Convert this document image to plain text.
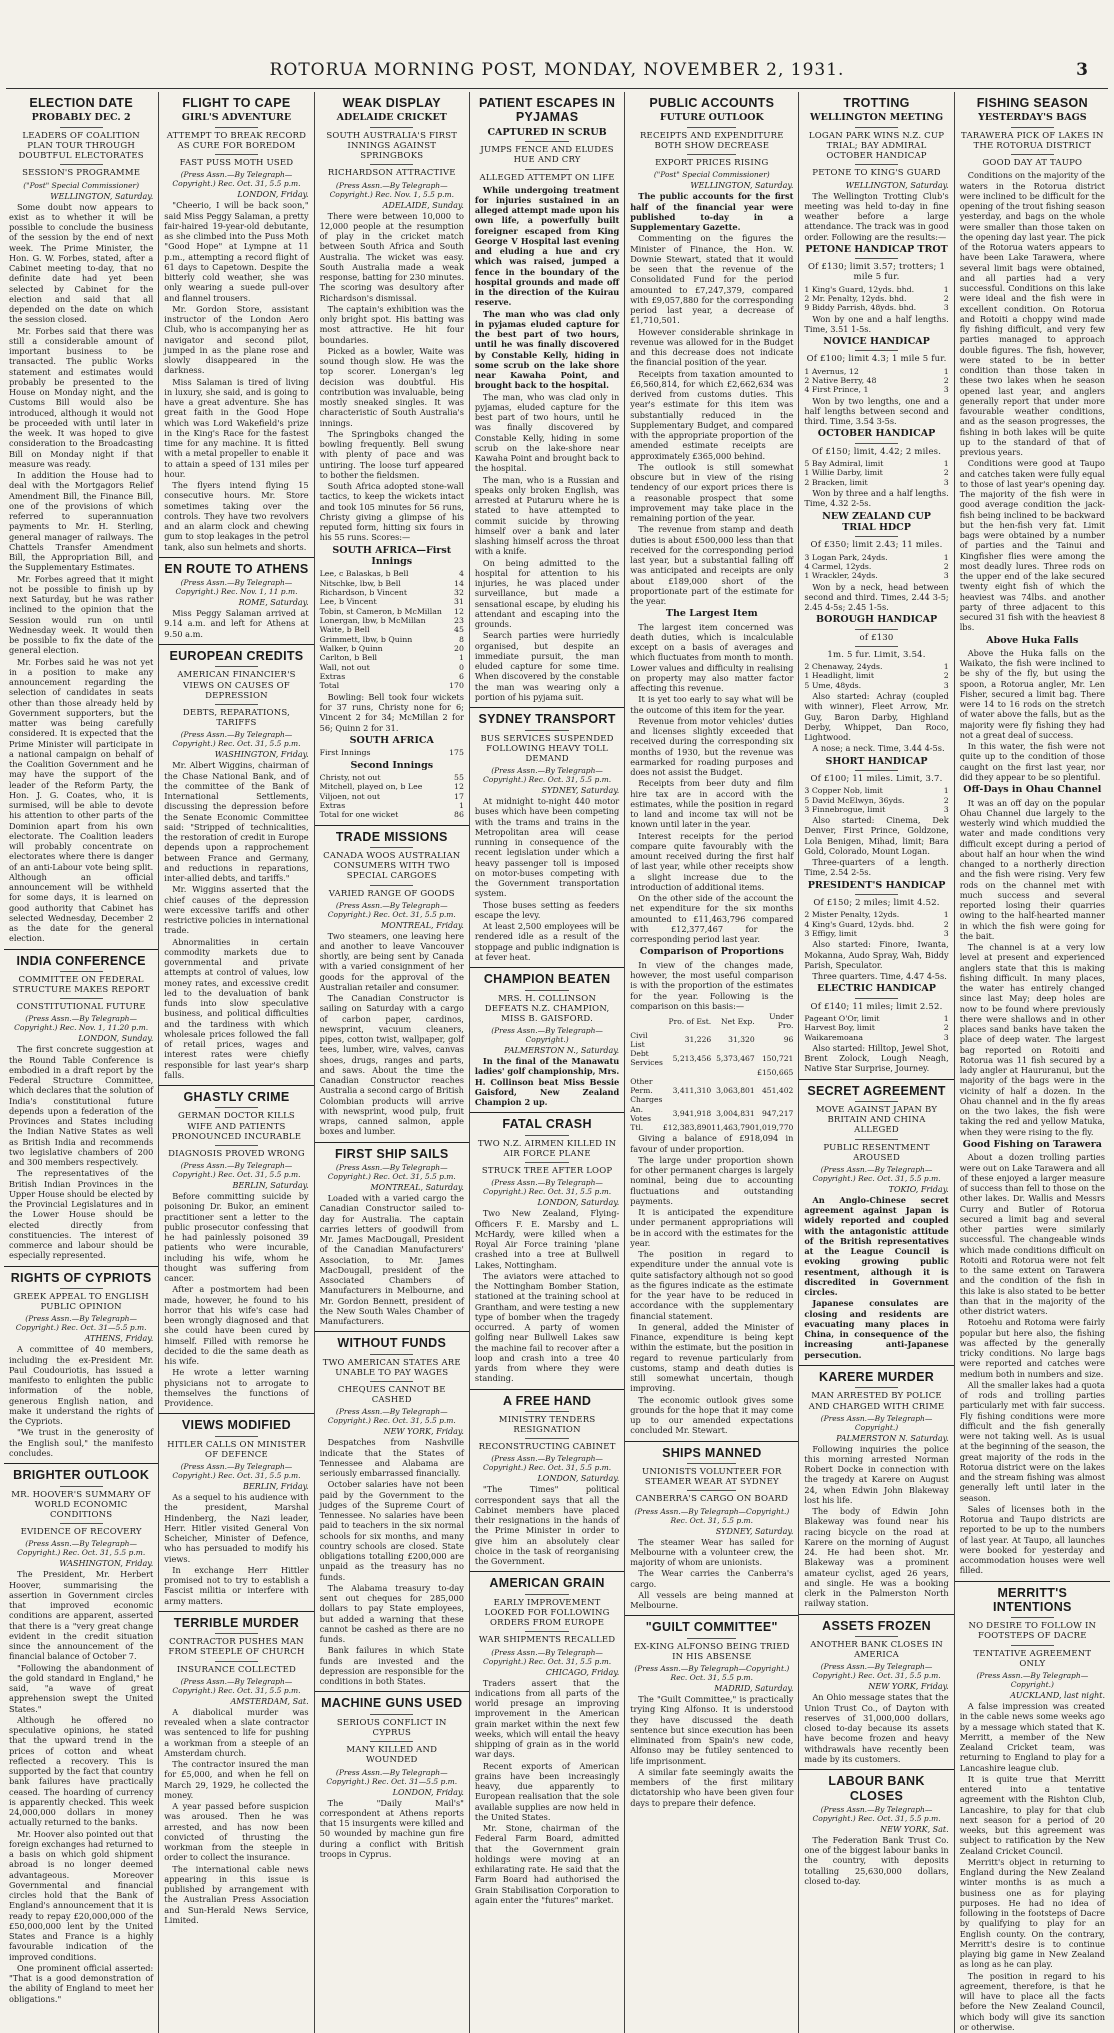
ROTORUA MORNING POST, MONDAY, NOVEMBER 2, 1931.	3
ELECTION DATE
PROBABLY DEC. 2
LEADERS OF COALITION PLAN TOUR THROUGH DOUBTFUL ELECTORATES
SESSION'S PROGRAMME
("Post" Special Commissioner)
WELLINGTON, Saturday.

Some doubt now appears to exist as to whether it will be possible to conclude the business of the session by the end of next week. The Prime Minister, the Hon. G. W. Forbes, stated, after a Cabinet meeting to-day, that no definite date had yet been selected by Cabinet for the election and said that all depended on the date on which the session closed.

Mr. Forbes said that there was still a considerable amount of important business to be transacted. The public Works statement and estimates would probably be presented to the House on Monday night, and the Customs Bill would also be introduced, although it would not be proceeded with until later in the week. It was hoped to give consideration to the Broadcasting Bill on Monday night if that measure was ready.

In addition the House had to deal with the Mortgagors Relief Amendment Bill, the Finance Bill, one of the provisions of which referred to superannuation payments to Mr. H. Sterling, general manager of railways. The Chattels Transfer Amendment Bill, the Appropriation Bill, and the Supplementary Estimates.

Mr. Forbes agreed that it might not be possible to finish up by next Saturday, but he was rather inclined to the opinion that the Session would run on until Wednesday week. It would then be possible to fix the date of the general election.

Mr. Forbes said he was not yet in a position to make any announcement regarding the selection of candidates in seats other than those already held by Government supporters, but the matter was being carefully considered. It is expected that the Prime Minister will participate in a national campaign on behalf of the Coalition Government and he may have the support of the leader of the Reform Party, the Hon. J. G. Coates, who, it is surmised, will be able to devote his attention to other parts of the Dominion apart from his own electorate. The Coalition leaders will probably concentrate on electorates where there is danger of an anti-Labour vote being split. Although an official announcement will be withheld for some days, it is learned on good authority that Cabinet has selected Wednesday, December 2 as the date for the general election.

INDIA CONFERENCE
COMMITTEE ON FEDERAL STRUCTURE MAKES REPORT
CONSTITUTIONAL FUTURE
(Press Assn.—By Telegraph—Copyright.) Rec. Nov. 1, 11.20 p.m.
LONDON, Sunday.

The first concrete suggestion at the Round Table Conference is embodied in a draft report by the Federal Structure Committee, which declares that the solution of India's constitutional future depends upon a federation of the Provinces and States including the Indian Native States as well as British India and recommends two legislative chambers of 200 and 300 members respectively.

The representatives of the British Indian Provinces in the Upper House should be elected by the Provincial Legislatures and in the Lower House should be elected directly from constituencies. The interest of commerce and labour should be especially represented.

RIGHTS OF CYPRIOTS
GREEK APPEAL TO ENGLISH PUBLIC OPINION
(Press Assn.—By Telegraph—Copyright.) Rec. Oct. 31—5.5 p.m.
ATHENS, Friday.

A committee of 40 members, including the ex-President Mr. Paul Coudouriotis, has issued a manifesto to enlighten the public information of the noble, generous English nation, and make it understand the rights of the Cypriots.

"We trust in the generosity of the English soul," the manifesto concludes.

BRIGHTER OUTLOOK
MR. HOOVER'S SUMMARY OF WORLD ECONOMIC CONDITIONS
EVIDENCE OF RECOVERY
(Press Assn.—By Telegraph—Copyright.) Rec. Oct. 31, 5.5 p.m.
WASHINGTON, Friday.

The President, Mr. Herbert Hoover, summarising the assertion in Government circles that improved economic conditions are apparent, asserted that there is a "very great change evident in the credit situation since the announcement of the financial balance of October 7.

"Following the abandonment of the gold standard in England," he said, "a wave of great apprehension swept the United States."

Although he offered no speculative opinions, he stated that the upward trend in the prices of cotton and wheat reflected a recovery. This is supported by the fact that country bank failures have practically ceased. The hoarding of currency is apparently checked. This week 24,000,000 dollars in money actually returned to the banks.

Mr. Hoover also pointed out that foreign exchanges had returned to a basis on which gold shipment abroad is no longer deemed advantageous. Moreover Governmental and financial circles hold that the Bank of England's announcement that it is ready to repay £20,000,000 of the £50,000,000 lent by the United States and France is a highly favourable indication of the improved conditions.

One prominent official asserted: "That is a good demonstration of the ability of England to meet her obligations."

FLIGHT TO CAPE
GIRL'S ADVENTURE
ATTEMPT TO BREAK RECORD AS CURE FOR BOREDOM
FAST PUSS MOTH USED
(Press Assn.—By Telegraph—Copyright.) Rec. Oct. 31, 5.5 p.m.
LONDON, Friday.

"Cheerio, I will be back soon," said Miss Peggy Salaman, a pretty fair-haired 19-year-old debutante, as she climbed into the Puss Moth "Good Hope" at Lympne at 11 p.m., attempting a record flight of 61 days to Capetown. Despite the bitterly cold weather, she was only wearing a suede pull-over and flannel trousers.

Mr. Gordon Store, assistant instructor of the London Aero Club, who is accompanying her as navigator and second pilot, jumped in as the plane rose and slowly disappeared in the darkness.

Miss Salaman is tired of living in luxury, she said, and is going to have a great adventure. She has great faith in the Good Hope which was Lord Wakefield's prize in the King's Race for the fastest time for any machine. It is fitted with a metal propeller to enable it to attain a speed of 131 miles per hour.

The flyers intend flying 15 consecutive hours. Mr. Store sometimes taking over the controls. They have two revolvers and an alarm clock and chewing gum to stop leakages in the petrol tank, also sun helmets and shorts.

EN ROUTE TO ATHENS
(Press Assn.—By Telegraph—Copyright.) Rec. Nov. 1, 11 p.m.
ROME, Saturday.

Miss Peggy Salaman arrived at 9.14 a.m. and left for Athens at 9.50 a.m.

EUROPEAN CREDITS
AMERICAN FINANCIER'S VIEWS ON CAUSES OF DEPRESSION
DEBTS, REPARATIONS, TARIFFS
(Press Assn.—By Telegraph—Copyright.) Rec. Oct. 31, 5.5 p.m.
WASHINGTON, Friday.

Mr. Albert Wiggins, chairman of the Chase National Bank, and of the committee of the Bank of International Settlements, discussing the depression before the Senate Economic Committee said: "Stripped of technicalities, the restoration of credit in Europe depends upon a rapprochement between France and Germany, and reductions in reparations, inter-allied debts, and tariffs."

Mr. Wiggins asserted that the chief causes of the depression were excessive tariffs and other restrictive policies in international trade.

Abnormalities in certain commodity markets due to governmental and private attempts at control of values, low money rates, and excessive credit led to the devaluation of bank funds into slow speculative business, and political difficulties and the tardiness with which wholesale prices followed the fall of retail prices, wages and interest rates were chiefly responsible for last year's sharp falls.

GHASTLY CRIME
GERMAN DOCTOR KILLS WIFE AND PATIENTS PRONOUNCED INCURABLE
DIAGNOSIS PROVED WRONG
(Press Assn.—By Telegraph—Copyright.) Rec. Oct. 31, 5.5 p.m.
BERLIN, Saturday.

Before committing suicide by poisoning Dr. Bukor, an eminent practitioner sent a letter to the public prosecutor confessing that he had painlessly poisoned 39 patients who were incurable, including his wife, whom he thought was suffering from cancer.

After a postmortem had been made, however, he found to his horror that his wife's case had been wrongly diagnosed and that she could have been cured by himself. Filled with remorse he decided to die the same death as his wife.

He wrote a letter warning physicians not to arrogate to themselves the functions of Providence.

VIEWS MODIFIED
HITLER CALLS ON MINISTER OF DEFENCE
(Press Assn.—By Telegraph—Copyright.) Rec. Oct. 31, 5.5 p.m.
BERLIN, Friday.

As a sequel to his audience with the president, Marshal Hindenberg, the Nazi leader, Herr. Hitler visited General Von Scheicher, Minister of Defence, who has persuaded to modify his views.

In exchange Herr Hittler promised not to try to establish a Fascist militia or interfere with army matters.

TERRIBLE MURDER
CONTRACTOR PUSHES MAN FROM STEEPLE OF CHURCH
INSURANCE COLLECTED
(Press Assn.—By Telegraph—Copyright.) Rec. Oct. 31, 5.5 p.m.
AMSTERDAM, Sat.

A diabolical murder was revealed when a slate contractor was sentenced to life for pushing a workman from a steeple of an Amsterdam church.

The contractor insured the man for £5,000, and when he fell on March 29, 1929, he collected the money.

A year passed before suspicion was aroused. Then he was arrested, and has now been convicted of thrusting the workman from the steeple in order to collect the insurance.

The international cable news appearing in this issue is published by arrangement with the Australian Press Association and Sun-Herald News Service, Limited.

WEAK DISPLAY
ADELAIDE CRICKET
SOUTH AUSTRALIA'S FIRST INNINGS AGAINST SPRINGBOKS
RICHARDSON ATTRACTIVE
(Press Assn.—By Telegraph—Copyright.) Rec. Nov. 1, 5.5 p.m.
ADELAIDE, Sunday.

There were between 10,000 to 12,000 people at the resumption of play in the cricket match between South Africa and South Australia. The wicket was easy. South Australia made a weak response, batting for 230 minutes. The scoring was desultory after Richardson's dismissal.

The captain's exhibition was the only bright spot. His batting was most attractive. He hit four boundaries.

Picked as a bowler, Waite was sound though slow. He was the top scorer. Lonergan's leg decision was doubtful. His contribution was invaluable, being mostly sneaked singles. It was characteristic of South Australia's innings.

The Springboks changed the bowling frequently. Bell swung with plenty of pace and was untiring. The loose turf appeared to bother the fieldsmen.

South Africa adopted stone-wall tactics, to keep the wickets intact and took 105 minutes for 56 runs, Christy giving a glimpse of his reputed form, hitting six fours in his 55 runs. Scores:—

SOUTH AFRICA—First Innings
Lee, c Balaskas, b Bell	4
Nitschke, lbw, b Bell	14
Richardson, b Vincent	32
Lee, b Vincent	31
Tobin, st Cameron, b McMillan 12
Lonergan, lbw, b McMillan	23
Waite, b Bell	45
Grimmett, lbw, b Quinn	8
Walker, b Quinn	20
Carlton, b Bell	1
Wall, not out	0
Extras	6
Total	170

Bowling: Bell took four wickets for 37 runs, Christy none for 6; Vincent 2 for 34; McMillan 2 for 56; Quinn 2 for 31.

SOUTH AFRICA
First Innings	175
Second Innings
Christy, not out	55
Mitchell, played on, b Lee	12
Viljoen, not out	17
Extras	1
Total for one wicket	86
TRADE MISSIONS
CANADA WOOS AUSTRALIAN CONSUMERS WITH TWO SPECIAL CARGOES
VARIED RANGE OF GOODS
(Press Assn.—By Telegraph—Copyright.) Rec. Oct. 31, 5.5 p.m.
MONTREAL, Friday.

Two steamers, one leaving here and another to leave Vancouver shortly, are being sent by Canada with a varied consignment of her goods for the approval of the Australian retailer and consumer.

The Canadian Constructor is sailing on Saturday with a cargo of carbon paper, cardinos, newsprint, vacuum cleaners, pipes, cotton twist, wallpaper, golf tees, lumber, wire, valves, canvas shoes, drugs, ranges and parts, and saws. About the time the Canadian Constructor reaches Australia a second cargo of British Colombian products will arrive with newsprint, wood pulp, fruit wraps, canned salmon, apple boxes and lumber.

FIRST SHIP SAILS
(Press Assn.—By Telegraph—Copyright.) Rec. Oct. 31, 5.5 p.m.
MONTREAL, Saturday.

Loaded with a varied cargo the Canadian Constructor sailed to-day for Australia. The captain carries letters of goodwill from Mr. James MacDougall, President of the Canadian Manufacturers' Association, to Mr. James MacDougall, president of the Associated Chambers of Manufacturers in Melbourne, and Mr. Gordon Bennett, president of the New South Wales Chamber of Manufacturers.

WITHOUT FUNDS
TWO AMERICAN STATES ARE UNABLE TO PAY WAGES
CHEQUES CANNOT BE CASHED
(Press Assn.—By Telegraph—Copyright.) Rec. Oct. 31, 5.5 p.m.
NEW YORK, Friday.

Despatches from Nashville indicate that the States of Tennessee and Alabama are seriously embarrassed financially.

October salaries have not been paid by the Government to the judges of the Supreme Court of Tennessee. No salaries have been paid to teachers in the six normal schools for six months, and many country schools are closed. State obligations totalling £200,000 are unpaid as the treasury has no funds.

The Alabama treasury to-day sent out cheques for 285,000 dollars to pay State employees, but added a warning that these cannot be cashed as there are no funds.

Bank failures in which State funds are invested and the depression are responsible for the conditions in both States.

MACHINE GUNS USED
SERIOUS CONFLICT IN CYPRUS
MANY KILLED AND WOUNDED
(Press Assn.—By Telegraph—Copyright.) Rec. Oct. 31—5.5 p.m.
LONDON, Friday.

The "Daily Mail's" correspondent at Athens reports that 15 insurgents were killed and 50 wounded by machine gun fire during a conflict with British troops in Cyprus.

PATIENT ESCAPES IN PYJAMAS
CAPTURED IN SCRUB
JUMPS FENCE AND ELUDES HUE AND CRY
ALLEGED ATTEMPT ON LIFE

While undergoing treatment for injuries sustained in an alleged attempt made upon his own life, a powerfully built foreigner escaped from King George V Hospital last evening and eluding a hue and cry which was raised, jumped a fence in the boundary of the hospital grounds and made off in the direction of the Kuirau reserve.

The man who was clad only in pyjamas eluded capture for the best part of two hours, until he was finally discovered by Constable Kelly, hiding in some scrub on the lake shore near Kawaha Point, and brought back to the hospital.

The man, who was clad only in pyjamas, eluded capture for the best part of two hours, until he was finally discovered by Constable Kelly, hiding in some scrub on the lake-shore near Kawaha Point and brought back to the hospital.

The man, who is a Russian and speaks only broken English, was arrested at Putaruru where he is stated to have attempted to commit suicide by throwing himself over a bank and later slashing himself across the throat with a knife.

On being admitted to the hospital for attention to his injuries, he was placed under surveillance, but made a sensational escape, by eluding his attendant and escaping into the grounds.

Search parties were hurriedly organised, but despite an immediate pursuit, the man eluded capture for some time. When discovered by the constable the man was wearing only a portion of his pyjama suit.

SYDNEY TRANSPORT
BUS SERVICES SUSPENDED FOLLOWING HEAVY TOLL DEMAND
(Press Assn.—By Telegraph—Copyright.) Rec. Oct. 31, 5.5 p.m.
SYDNEY, Saturday.

At midnight to-night 440 motor buses which have been competing with the trams and trains in the Metropolitan area will cease running in consequence of the recent legislation under which a heavy passenger toll is imposed on motor-buses competing with the Government transportation system.

Those buses setting as feeders escape the levy.

At least 2,500 employees will be rendered idle as a result of the stoppage and public indignation is at fever heat.

CHAMPION BEATEN
MRS. H. COLLINSON DEFEATS N.Z. CHAMPION, MISS B. GAISFORD.
(Press Assn.—By Telegraph—Copyright.)
PALMERSTON N., Saturday.

In the final of the Manawatu ladies' golf championship, Mrs. H. Collinson beat Miss Bessie Gaisford, New Zealand Champion 2 up.

FATAL CRASH
TWO N.Z. AIRMEN KILLED IN AIR FORCE PLANE
STRUCK TREE AFTER LOOP
(Press Assn.—By Telegraph—Copyright.) Rec. Oct. 31, 5.5 p.m.
LONDON, Saturday.

Two New Zealand, Flying-Officers F. E. Marsby and L. McHardy, were killed when a Royal Air Force training 'plane crashed into a tree at Bullwell Lakes, Nottingham.

The aviators were attached to the Nottingham Bomber Station, stationed at the training school at Grantham, and were testing a new type of bomber when the tragedy occurred. A party of women golfing near Bullwell Lakes saw the machine fail to recover after a loop and crash into a tree 40 yards from where they were standing.

A FREE HAND
MINISTRY TENDERS RESIGNATION
RECONSTRUCTING CABINET
(Press Assn.—By Telegraph—Copyright.) Rec. Oct. 31, 5.5 p.m.
LONDON, Saturday.

"The Times" political correspondent says that all the Cabinet members have placed their resignations in the hands of the Prime Minister in order to give him an absolutely clear choice in the task of reorganising the Government.

AMERICAN GRAIN
EARLY IMPROVEMENT LOOKED FOR FOLLOWING ORDERS FROM EUROPE
WAR SHIPMENTS RECALLED
(Press Assn.—By Telegraph—Copyright.) Rec. Oct. 31, 5.5 p.m.
CHICAGO, Friday.

Traders assert that the indications from all parts of the world presage an improving improvement in the American grain market within the next few weeks, which will entail the heavy shipping of grain as in the world war days.

Recent exports of American grains have been increasingly heavy, due apparently to European realisation that the sole available supplies are now held in the United States.

Mr. Stone, chairman of the Federal Farm Board, admitted that the Government grain holdings were moving at an exhilarating rate. He said that the Farm Board had authorised the Grain Stabilisation Corporation to again enter the "futures" market.

PUBLIC ACCOUNTS
FUTURE OUTLOOK
RECEIPTS AND EXPENDITURE BOTH SHOW DECREASE
EXPORT PRICES RISING
("Post" Special Commissioner)
WELLINGTON, Saturday.

The public accounts for the first half of the financial year were published to-day in a Supplementary Gazette.

Commenting on the figures the Minister of Finance, the Hon. W. Downie Stewart, stated that it would be seen that the revenue of the Consolidated Fund for the period amounted to £7,247,379, compared with £9,057,880 for the corresponding period last year, a decrease of £1,710,501.

However considerable shrinkage in revenue was allowed for in the Budget and this decrease does not indicate the financial position of the year.

Receipts from taxation amounted to £6,560,814, for which £2,662,634 was derived from customs duties. This year's estimate for this item was substantially reduced in the Supplementary Budget, and compared with the appropriate proportion of the amended estimate receipts are approximately £365,000 behind.

The outlook is still somewhat obscure but in view of the rising tendency of our export prices there is a reasonable prospect that some improvement may take place in the remaining portion of the year.

The revenue from stamp and death duties is about £500,000 less than that received for the corresponding period last year, but a substantial falling off was anticipated and receipts are only about £189,000 short of the proportionate part of the estimate for the year.

The Largest Item

The largest item concerned was death duties, which is incalculable except on a basis of averages and which fluctuates from month to month. Lower values and difficulty in realising on property may also matter factor affecting this revenue.

It is yet too early to say what will be the outcome of this item for the year.

Revenue from motor vehicles' duties and licenses slightly exceeded that received during the corresponding six months of 1930, but the revenue was earmarked for roading purposes and does not assist the Budget.

Receipts from beer duty and film hire tax are in accord with the estimates, while the position in regard to land and income tax will not be known until later in the year.

Interest receipts for the period compare quite favourably with the amount received during the first half of last year, while other receipts show a slight increase due to the introduction of additional items.

On the other side of the account the net expenditure for the six months amounted to £11,463,796 compared with £12,377,467 for the corresponding period last year.

Comparison of Proportions

In view of the changes made, however, the most useful comparison is with the proportion of the estimates for the year. Following is the comparison on this basis:—

	Pro. of Est.	Net Exp.	Under Pro.
Civil List	31,226	31,320	96
Debt Services	5,213,456	5,373,467	150,721
			£150,665
Other Perm. Charges	3,411,310	3,063,801	451,402
An. Votes	3,941,918	3,004,831	947,217
Ttl.	£12,383,890	11,463,790	1,019,770

Giving a balance of £918,094 in favour of under proportion.

The large under proportion shown for other permanent charges is largely nominal, being due to accounting fluctuations and outstanding payments.

It is anticipated the expenditure under permanent appropriations will be in accord with the estimates for the year.

The position in regard to expenditure under the annual vote is quite satisfactory although not so good as the figures indicate as the estimate for the year have to be reduced in accordance with the supplementary financial statement.

In general, added the Minister of Finance, expenditure is being kept within the estimate, but the position in regard to revenue particularly from customs, stamp and death duties is still somewhat uncertain, though improving.

The economic outlook gives some grounds for the hope that it may come up to our amended expectations concluded Mr. Stewart.

SHIPS MANNED
UNIONISTS VOLUNTEER FOR STEAMER WEAR AT SYDNEY
CANBERRA'S CARGO ON BOARD
(Press Assn.—By Telegraph—Copyright.) Rec. Oct. 31, 5.5 p.m.
SYDNEY, Saturday.

The steamer Wear has sailed for Melbourne with a volunteer crew, the majority of whom are unionists.

The Wear carries the Canberra's cargo.

All vessels are being manned at Melbourne.

"GUILT COMMITTEE"
EX-KING ALFONSO BEING TRIED IN HIS ABSENSE
(Press Assn.—By Telegraph—Copyright.) Rec. Oct. 31, 5.5 p.m.
MADRID, Saturday.

The "Guilt Committee," is practically trying King Alfonso. It is understood they have discussed the death sentence but since execution has been eliminated from Spain's new code, Alfonso may be futiley sentenced to life imprisonment.

A similar fate seemingly awaits the members of the first military dictatorship who have been given four days to prepare their defence.

TROTTING
WELLINGTON MEETING
LOGAN PARK WINS N.Z. CUP TRIAL; BAY ADMIRAL OCTOBER HANDICAP
PETONE TO KING'S GUARD
WELLINGTON, Saturday.

The Wellington Trotting Club's meeting was held to-day in fine weather before a large attendance. The track was in good order. Following are the results:—

PETONE HANDICAP TROT
Of £130; limit 3.57; trotters; 1 mile 5 fur.
1 King's Guard, 12yds. bhd.	1
2 Mr. Penalty, 12yds. bhd.	2
9 Biddy Parrish, 48yds. bhd.	3

Won by one and a half lengths. Time, 3.51 1-5s.

NOVICE HANDICAP
Of £100; limit 4.3; 1 mile 5 fur.
1 Avernus, 12	1
2 Native Berry, 48	2
4 First Prince, 1	3

Won by two lengths, one and a half lengths between second and third. Time, 3.54 3-5s.

OCTOBER HANDICAP
Of £150; limit, 4.42; 2 miles.
5 Bay Admiral, limit	1
1 Willie Darby, limit	2
2 Bracken, limit	3

Won by three and a half lengths. Time, 4.32 2-5s.

NEW ZEALAND CUP TRIAL HDCP
Of £350; limit 2.43; 11 miles.
3 Logan Park, 24yds.	1
4 Carmel, 12yds.	2
1 Wrackler, 24yds.	3

Won by a neck, head between second and third. Times, 2.44 3-5; 2.45 4-5s; 2.45 1-5s.

BOROUGH HANDICAP
of £130
1m. 5 fur. Limit, 3.54.
2 Chenaway, 24yds.	1
1 Headlight, limit	2
5 Ume, 48yds.	3

Also started: Achray (coupled with winner), Fleet Arrow, Mr. Guy, Baron Darby, Highland Derby, Whippet, Dan Roco, Lightwood.

A nose; a neck. Time, 3.44 4-5s.

SHORT HANDICAP
Of £100; 11 miles. Limit, 3.7.
3 Copper Nob, limit	1
5 David McElwyn, 36yds.	2
3 Finnebrogue, limit	3

Also started: Cinema, Dek Denver, First Prince, Goldzone, Lola Benigen, Mihad, limit; Bara Gold, Colorado, Mount Logan.

Three-quarters of a length. Time, 2.54 2-5s.

PRESIDENT'S HANDICAP
Of £150; 2 miles; limit 4.52.
2 Mister Penalty, 12yds.	1
4 King's Guard, 12yds. bhd.	2
3 Effigy, limit	3

Also started: Finore, Iwanta, Mokanna, Audo Spray, Wah, Biddy Parish, Speculator.

Three quarters. Time, 4.47 4-5s.

ELECTRIC HANDICAP
Of £140; 11 miles; limit 2.52.
Pageant O'Or, limit	1
Harvest Boy, limit	2
Waikaremoana	3

Also started: Hilltop, Jewel Shot, Brent Zolock, Lough Neagh, Native Star Surprise, Journey.

SECRET AGREEMENT
MOVE AGAINST JAPAN BY BRITAIN AND CHINA ALLEGED
PUBLIC RESENTMENT AROUSED
(Press Assn.—By Telegraph—Copyright.) Rec. Oct. 31, 5.5 p.m.
TOKIO, Friday.

An Anglo-Chinese secret agreement against Japan is widely reported and coupled with the antagonistic attitude of the British representatives at the League Council is evoking growing public resentment, although it is discredited in Government circles.

Japanese consulates are closing and residents are evacuating many places in China, in consequence of the increasing anti-Japanese persecution.

KARERE MURDER
MAN ARRESTED BY POLICE AND CHARGED WITH CRIME
(Press Assn.—By Telegraph—Copyright.)
PALMERSTON N. Saturday.

Following inquiries the police this morning arrested Norman Robert Docke in connection with the tragedy at Karere on August 24, when Edwin John Blakeway lost his life.

The body of Edwin John Blakeway was found near his racing bicycle on the road at Karere on the morning of August 24. He had been shot. Mr. Blakeway was a prominent amateur cyclist, aged 26 years, and single. He was a booking clerk in the Palmerston North railway station.

ASSETS FROZEN
ANOTHER BANK CLOSES IN AMERICA
(Press Assn.—By Telegraph—Copyright.) Rec. Oct. 31, 5.5 p.m.
NEW YORK, Friday.

An Ohio message states that the Union Trust Co., of Dayton with reserves of 31,000,000 dollars, closed to-day because its assets have become frozen and heavy withdrawals have recently been made by its customers.

LABOUR BANK CLOSES
(Press Assn.—By Telegraph—Copyright.) Rec. Oct. 31, 5.5 p.m.
NEW YORK, Sat.

The Federation Bank Trust Co. one of the biggest labour banks in the country, with deposits totalling 25,630,000 dollars, closed to-day.

FISHING SEASON
YESTERDAY'S BAGS
TARAWERA PICK OF LAKES IN THE ROTORUA DISTRICT
GOOD DAY AT TAUPO

Conditions on the majority of the waters in the Rotorua district were inclined to be difficult for the opening of the trout fishing season yesterday, and bags on the whole were smaller than those taken on the opening day last year. The pick of the Rotorua waters appears to have been Lake Tarawera, where several limit bags were obtained, and all parties had a very successful. Conditions on this lake were ideal and the fish were in excellent condition. On Rotorua and Rotoiti a choppy wind made fly fishing difficult, and very few parties managed to approach double figures. The fish, however, were stated to be in better condition than those taken in these two lakes when he season opened last year, and anglers generally report that under more favourable weather conditions, and as the season progresses, the fishing in both lakes will be quite up to the standard of that of previous years.

Conditions were good at Taupo and catches taken were fully equal to those of last year's opening day. The majority of the fish were in good average condition the jack-fish being inclined to be backward but the hen-fish very fat. Limit bags were obtained by a number of parties and the Tainui and Kingfisher flies were among the most deadly lures. Three rods on the upper end of the lake secured twenty eight fish of which the heaviest was 74lbs. and another party of three adjacent to this secured 31 fish with the heaviest 8 lbs.

Above Huka Falls

Above the Huka falls on the Waikato, the fish were inclined to be shy of the fly, but using the spoon, a Rotorua angler, Mr. Len Fisher, secured a limit bag. There were 14 to 16 rods on the stretch of water above the falls, but as the majority were fly fishing they had not a great deal of success.

In this water, the fish were not quite up to the condition of those caught on the first last year, nor did they appear to be so plentiful.

Off-Days in Ohau Channel

It was an off day on the popular Ohau Channel due largely to the westerly wind which muddied the water and made conditions very difficult except during a period of about half an hour when the wind changed to a northerly direction and the fish were rising. Very few rods on the channel met with much success and several reported losing their quarries owing to the half-hearted manner in which the fish were going for the bait.

The channel is at a very low level at present and experienced anglers state that this is making fishing difficult. In many places, the water has entirely changed since last May; deep holes are now to be found where previously there were shallows and in other places sand banks have taken the place of deep water. The largest bag reported on Rotoiti and Rotorua was 11 fish secured by a lady angler at Haururanui, but the majority of the bags were in the vicinity of half a dozen. In the Ohau channel and in the fly areas on the two lakes, the fish were taking the red and yellow Matuka, when they were rising to the fly.

Good Fishing on Tarawera

About a dozen trolling parties were out on Lake Tarawera and all of these enjoyed a larger measure of success than fell to those on the other lakes. Dr. Wallis and Messrs Curry and Butler of Rotorua secured a limit bag and several other parties were similarly successful. The changeable winds which made conditions difficult on Rotoiti and Rotorua were not felt to the same extent on Tarawera and the condition of the fish in this lake is also stated to be better than that in the majority of the other district waters.

Rotoehu and Rotoma were fairly popular but here also, the fishing was affected by the generally tricky conditions. No large bags were reported and catches were medium both in numbers and size.

All the smaller lakes had a quota of rods and trolling parties particularly met with fair success. Fly fishing conditions were more difficult and the fish generally were not taking well. As is usual at the beginning of the season, the great majority of the rods in the Rotorua district were on the lakes and the stream fishing was almost generally left until later in the season.

Sales of licenses both in the Rotorua and Taupo districts are reported to be up to the numbers of last year. At Taupo, all launches were booked for yesterday and accommodation houses were well filled.

MERRITT'S INTENTIONS
NO DESIRE TO FOLLOW IN FOOTSTEPS OF DACRE
TENTATIVE AGREEMENT ONLY
(Press Assn.—By Telegraph—Copyright.)
AUCKLAND, last night.

A false impression was created in the cable news some weeks ago by a message which stated that K. Merritt, a member of the New Zealand Cricket team, was returning to England to play for a Lancashire league club.

It is quite true that Merritt entered into a tentative agreement with the Rishton Club, Lancashire, to play for that club next season for a period of 20 weeks, but this agreement was subject to ratification by the New Zealand Cricket Council.

Merritt's object in returning to England during the New Zealand winter months is as much a business one as for playing purposes. He had no idea of following in the footsteps of Dacre by qualifying to play for an English county. On the contrary, Merritt's desire is to continue playing big game in New Zealand as long as he can play.

The position in regard to his agreement, therefore, is that he will have to place all the facts before the New Zealand Council, which body will give its sanction or otherwise.
